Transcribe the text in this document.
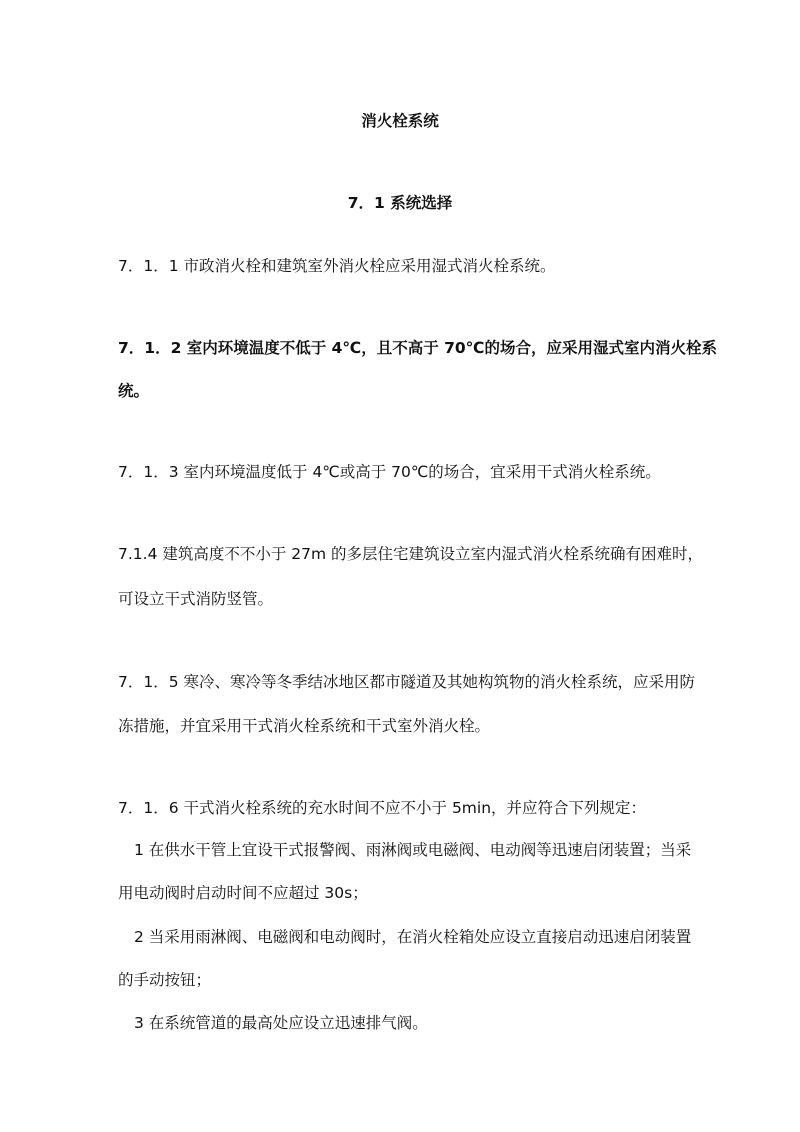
消火栓系统
7．1 系统选择
7．1．1 市政消火栓和建筑室外消火栓应采用湿式消火栓系统。
7．1．2 室内环境温度不低于 4℃，且不高于 70℃的场合，应采用湿式室内消火栓系
统。
7．1．3 室内环境温度低于 4℃或高于 70℃的场合，宜采用干式消火栓系统。
7.1.4 建筑高度不不小于 27m 的多层住宅建筑设立室内湿式消火栓系统确有困难时，
可设立干式消防竖管。
7．1．5 寒冷、寒冷等冬季结冰地区都市隧道及其她构筑物的消火栓系统，应采用防
冻措施，并宜采用干式消火栓系统和干式室外消火栓。
7．1．6 干式消火栓系统的充水时间不应不小于 5min，并应符合下列规定：
1 在供水干管上宜设干式报警阀、雨淋阀或电磁阀、电动阀等迅速启闭装置；当采
用电动阀时启动时间不应超过 30s；
2 当采用雨淋阀、电磁阀和电动阀时，在消火栓箱处应设立直接启动迅速启闭装置
的手动按钮；
3 在系统管道的最高处应设立迅速排气阀。
